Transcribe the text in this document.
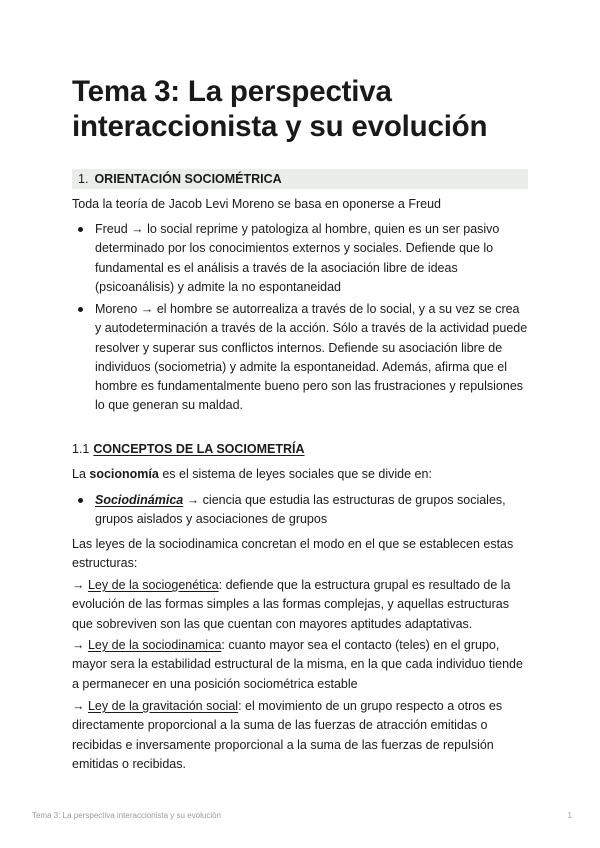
Tema 3: La perspectiva interaccionista y su evolución
1. ORIENTACIÓN SOCIOMÉTRICA
Toda la teoría de Jacob Levi Moreno se basa en oponerse a Freud
Freud → lo social reprime y patologiza al hombre, quien es un ser pasivo determinado por los conocimientos externos y sociales. Defiende que lo fundamental es el análisis a través de la asociación libre de ideas (psicoanálisis) y admite la no espontaneidad
Moreno → el hombre se autorrealiza a través de lo social, y a su vez se crea y autodeterminación a través de la acción. Sólo a través de la actividad puede resolver y superar sus conflictos internos. Defiende su asociación libre de individuos (sociometria) y admite la espontaneidad. Además, afirma que el hombre es fundamentalmente bueno pero son las frustraciones y repulsiones lo que generan su maldad.
1.1 CONCEPTOS DE LA SOCIOMETRÍA
La socionomía es el sistema de leyes sociales que se divide en:
Sociodinámica → ciencia que estudia las estructuras de grupos sociales, grupos aislados y asociaciones de grupos
Las leyes de la sociodinamica concretan el modo en el que se establecen estas estructuras:
→ Ley de la sociogenética: defiende que la estructura grupal es resultado de la evolución de las formas simples a las formas complejas, y aquellas estructuras que sobreviven son las que cuentan con mayores aptitudes adaptativas.
→ Ley de la sociodinamica: cuanto mayor sea el contacto (teles) en el grupo, mayor sera la estabilidad estructural de la misma, en la que cada individuo tiende a permanecer en una posición sociométrica estable
→ Ley de la gravitación social: el movimiento de un grupo respecto a otros es directamente proporcional a la suma de las fuerzas de atracción emitidas o recibidas e inversamente proporcional a la suma de las fuerzas de repulsión emitidas o recibidas.
Tema 3: La perspectiva interaccionista y su evolución	1
